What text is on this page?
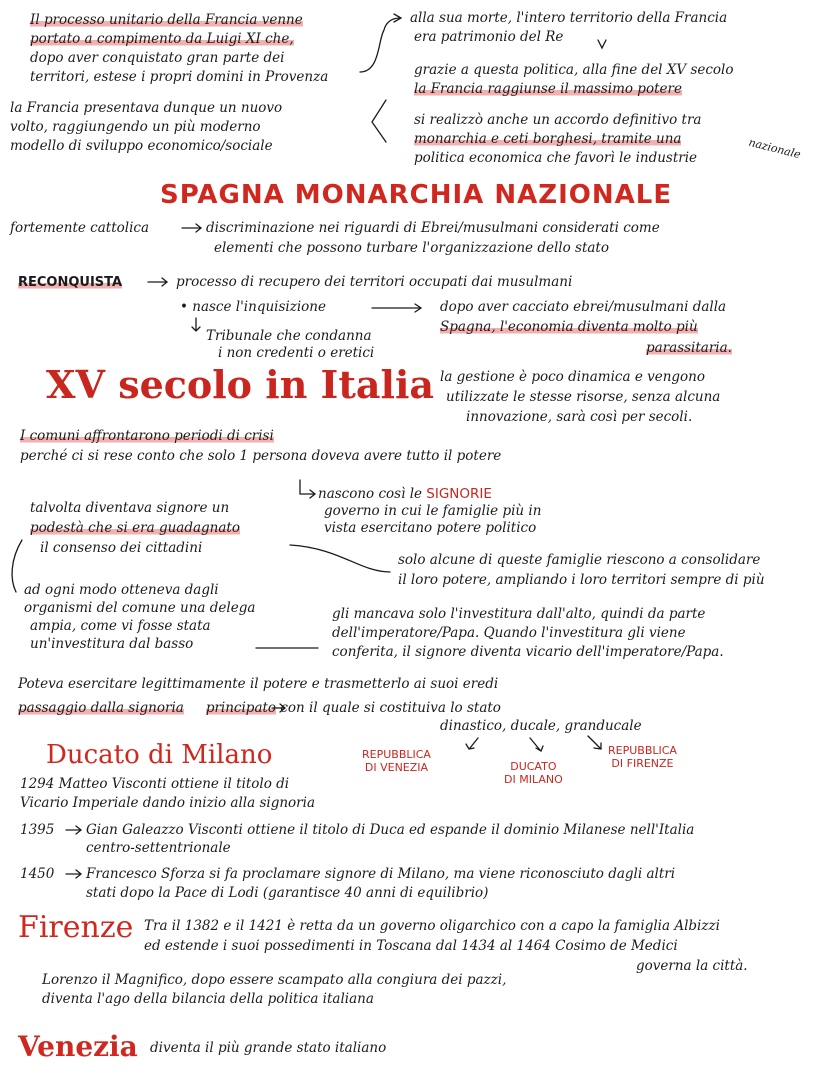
Il processo unitario della Francia venne
portato a compimento da Luigi XI che,
dopo aver conquistato gran parte dei
territori, estese i propri domini in Provenza
la Francia presentava dunque un nuovo
volto, raggiungendo un più moderno
modello di sviluppo economico/sociale
alla sua morte, l'intero territorio della Francia
era patrimonio del Re
grazie a questa politica, alla fine del XV secolo
la Francia raggiunse il massimo potere
si realizzò anche un accordo definitivo tra
monarchia e ceti borghesi, tramite una
politica economica che favorì le industrie	nazionale
SPAGNA MONARCHIA NAZIONALE
fortemente cattolica	discriminazione nei riguardi di Ebrei/musulmani considerati come
elementi che possono turbare l'organizzazione dello stato
RECONQUISTA	processo di recupero dei territori occupati dai musulmani
• nasce l'inquisizione
Tribunale che condanna
i non credenti o eretici
dopo aver cacciato ebrei/musulmani dalla
Spagna, l'economia diventa molto più
parassitaria.
XV secolo in Italia la gestione è poco dinamica e vengono
utilizzate le stesse risorse, senza alcuna
innovazione, sarà così per secoli.
I comuni affrontarono periodi di crisi
perché ci si rese conto che solo 1 persona doveva avere tutto il potere
nascono così le SIGNORIE
governo in cui le famiglie più in
vista esercitano potere politico
talvolta diventava signore un
podestà che si era guadagnato
il consenso dei cittadini
solo alcune di queste famiglie riescono a consolidare
il loro potere, ampliando i loro territori sempre di più
ad ogni modo otteneva dagli
organismi del comune una delega
ampia, come vi fosse stata
un'investitura dal basso
gli mancava solo l'investitura dall'alto, quindi da parte
dell'imperatore/Papa. Quando l'investitura gli viene
conferita, il signore diventa vicario dell'imperatore/Papa.
Poteva esercitare legittimamente il potere e trasmetterlo ai suoi eredi
passaggio dalla signoria principato con il quale si costituiva lo stato
dinastico, ducale, granducale
REPUBBLICA
DI VENEZIA	DUCATO
DI MILANO
REPUBBLICA
DI FIRENZE
Ducato di Milano
1294 Matteo Visconti ottiene il titolo di
Vicario Imperiale dando inizio alla signoria
1395 Gian Galeazzo Visconti ottiene il titolo di Duca ed espande il dominio Milanese nell'Italia
centro-settentrionale
1450 Francesco Sforza si fa proclamare signore di Milano, ma viene riconosciuto dagli altri
stati dopo la Pace di Lodi (garantisce 40 anni di equilibrio)
Firenze Tra il 1382 e il 1421 è retta da un governo oligarchico con a capo la famiglia Albizzi
ed estende i suoi possedimenti in Toscana dal 1434 al 1464 Cosimo de Medici
governa la città.
Lorenzo il Magnifico, dopo essere scampato alla congiura dei pazzi,
diventa l'ago della bilancia della politica italiana
Venezia diventa il più grande stato italiano
